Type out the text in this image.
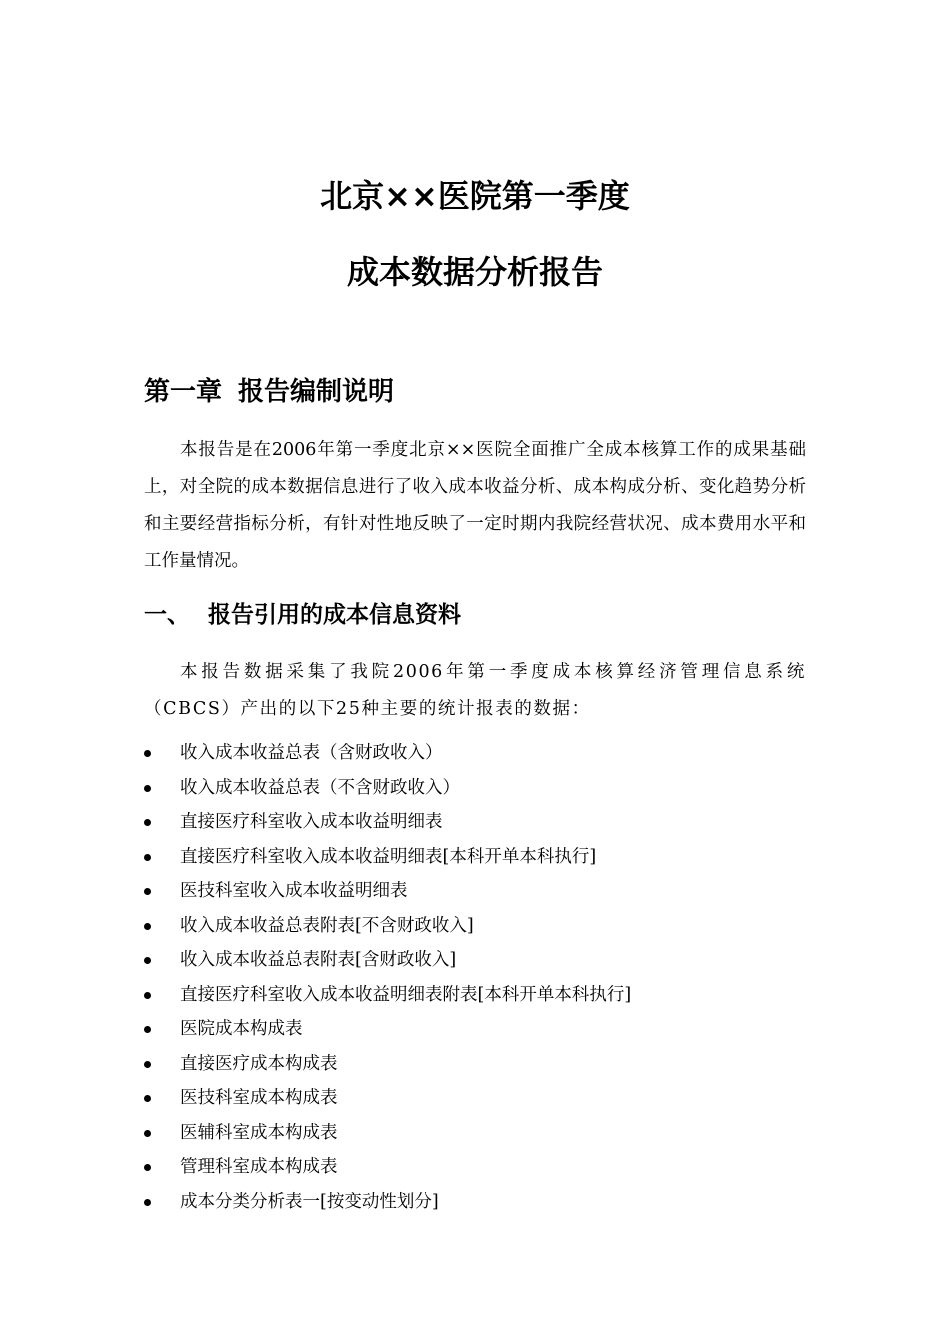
北京××医院第一季度
成本数据分析报告
第一章 报告编制说明

本报告是在2006年第一季度北京××医院全面推广全成本核算工作的成果基础上，对全院的成本数据信息进行了收入成本收益分析、成本构成分析、变化趋势分析和主要经营指标分析，有针对性地反映了一定时期内我院经营状况、成本费用水平和工作量情况。

一、 报告引用的成本信息资料

本报告数据采集了我院2006年第一季度成本核算经济管理信息系统（CBCS）产出的以下25种主要的统计报表的数据：

收入成本收益总表（含财政收入）
收入成本收益总表（不含财政收入）
直接医疗科室收入成本收益明细表
直接医疗科室收入成本收益明细表[本科开单本科执行]
医技科室收入成本收益明细表
收入成本收益总表附表[不含财政收入]
收入成本收益总表附表[含财政收入]
直接医疗科室收入成本收益明细表附表[本科开单本科执行]
医院成本构成表
直接医疗成本构成表
医技科室成本构成表
医辅科室成本构成表
管理科室成本构成表
成本分类分析表一[按变动性划分]
